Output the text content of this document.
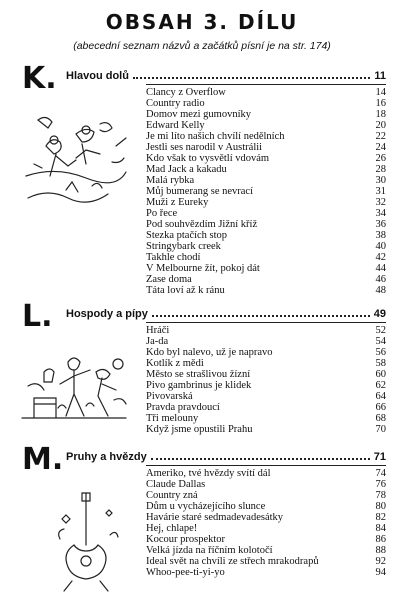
OBSAH 3. DÍLU
(abecední seznam názvů a začátků písní je na str. 174)
K. Hlavou dolů	11
Clancy z Overflow	14
Country radio	16
Domov mezi gumovníky	18
Edward Kelly	20
Je mi líto našich chvílí nedělních	22
Jestli ses narodil v Austrálii	24
Kdo však to vysvětlí vdovám	26
Mad Jack a kakadu	28
Malá rybka	30
Můj bumerang se nevrací	31
Muži z Eureky	32
Po řece	34
Pod souhvězdím Jižní kříž	36
Stezka ptačích stop	38
Stringybark creek	40
Takhle chodí	42
V Melbourne žít, pokoj dát	44
Zase doma	46
Táta loví až k ránu	48
L. Hospody a pípy	49
Hráči	52
Ja-da	54
Kdo byl nalevo, už je napravo	56
Kotlík z mědi	58
Město se strašlivou žízní	60
Pivo gambrinus je klidek	62
Pivovarská	64
Pravda pravdoucí	66
Tři melouny	68
Když jsme opustili Prahu	70
M. Pruhy a hvězdy	71
Ameriko, tvé hvězdy svítí dál	74
Claude Dallas	76
Country zná	78
Dům u vycházejícího slunce	80
Havárie staré sedmadevadesátky	82
Hej, chlape!	84
Kocour prospektor	86
Velká jízda na říčním kolotočí	88
Ideal svět na chvíli ze střech mrakodrapů	92
Whoo-pee-ti-yi-yo	94
